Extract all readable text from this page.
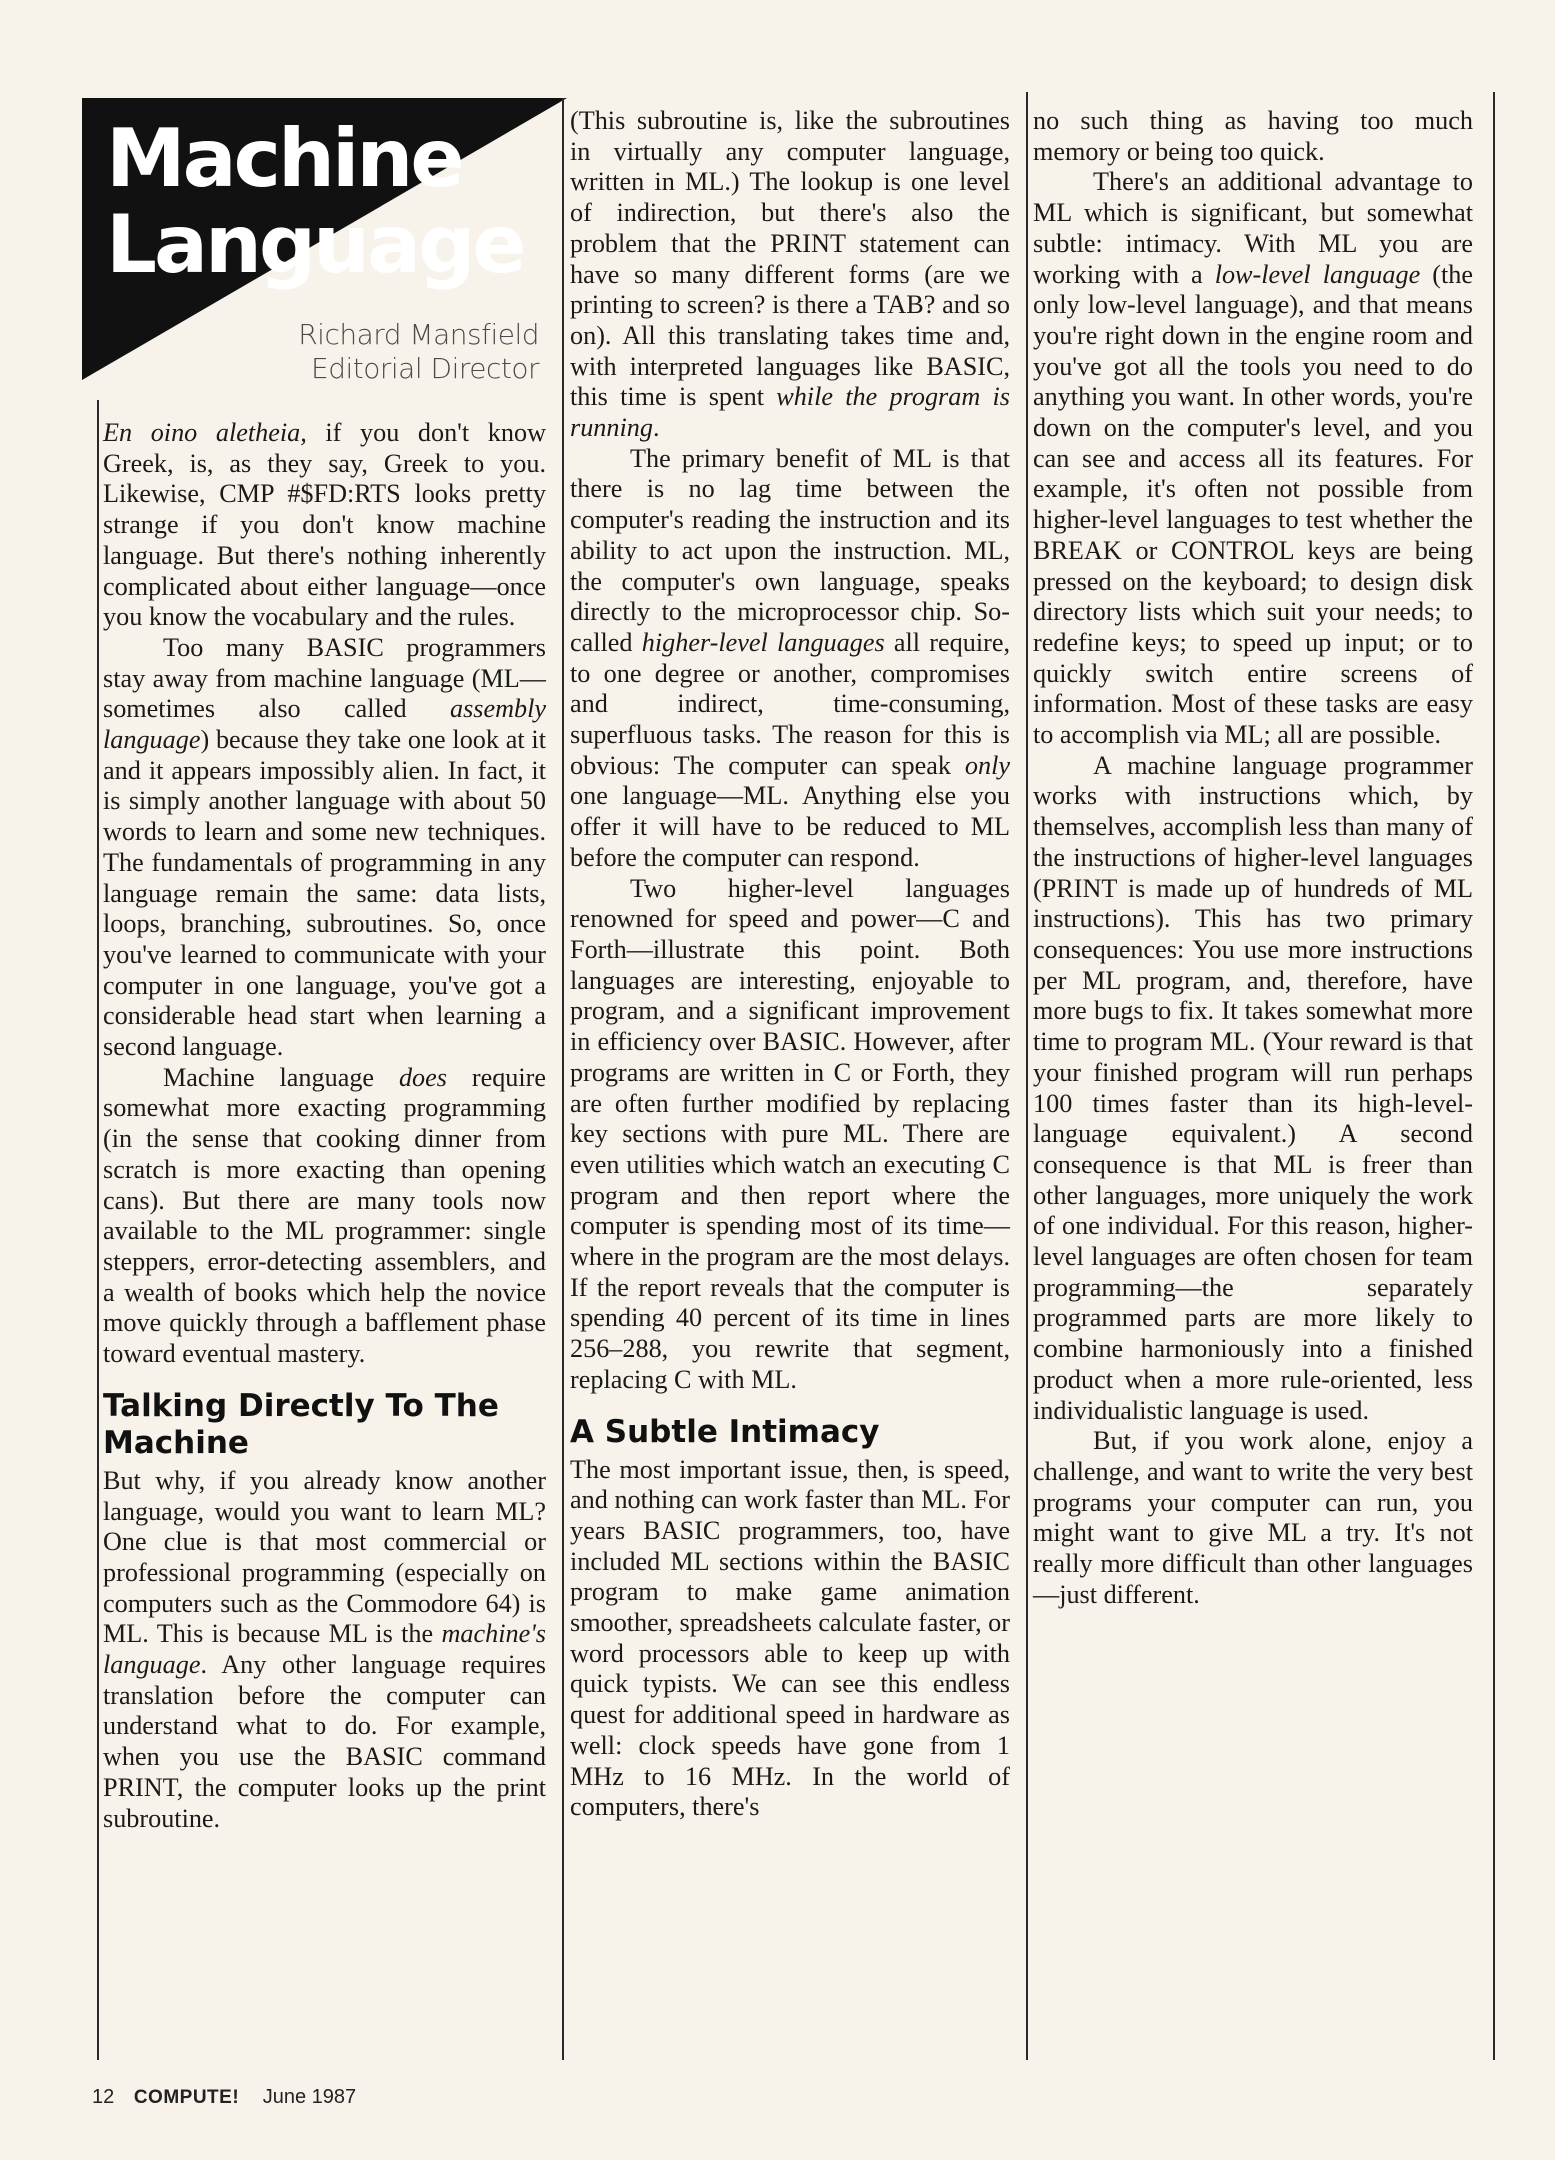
Machine
Language
Richard Mansfield
Editorial Director

En oino aletheia, if you don't know Greek, is, as they say, Greek to you. Likewise, CMP #$FD:RTS looks pretty strange if you don't know machine language. But there's nothing inherently complicated about either language—once you know the vocabulary and the rules.

Too many BASIC programmers stay away from machine language (ML—sometimes also called assembly language) because they take one look at it and it appears impossibly alien. In fact, it is simply another language with about 50 words to learn and some new techniques. The fundamentals of programming in any language remain the same: data lists, loops, branching, subroutines. So, once you've learned to communicate with your computer in one language, you've got a considerable head start when learning a second language.

Machine language does require somewhat more exacting programming (in the sense that cooking dinner from scratch is more exacting than opening cans). But there are many tools now available to the ML programmer: single steppers, error-detecting assemblers, and a wealth of books which help the novice move quickly through a bafflement phase toward eventual mastery.

Talking Directly To The Machine

But why, if you already know another language, would you want to learn ML? One clue is that most commercial or professional programming (especially on computers such as the Commodore 64) is ML. This is because ML is the machine's language. Any other language requires translation before the computer can understand what to do. For example, when you use the BASIC command PRINT, the computer looks up the print subroutine.

(This subroutine is, like the subroutines in virtually any computer language, written in ML.) The lookup is one level of indirection, but there's also the problem that the PRINT statement can have so many different forms (are we printing to screen? is there a TAB? and so on). All this translating takes time and, with interpreted languages like BASIC, this time is spent while the program is running.

The primary benefit of ML is that there is no lag time between the computer's reading the instruction and its ability to act upon the instruction. ML, the computer's own language, speaks directly to the microprocessor chip. So-called higher-level languages all require, to one degree or another, compromises and indirect, time-consuming, superfluous tasks. The reason for this is obvious: The computer can speak only one language—ML. Anything else you offer it will have to be reduced to ML before the computer can respond.

Two higher-level languages renowned for speed and power—C and Forth—illustrate this point. Both languages are interesting, enjoyable to program, and a significant improvement in efficiency over BASIC. However, after programs are written in C or Forth, they are often further modified by replacing key sections with pure ML. There are even utilities which watch an executing C program and then report where the computer is spending most of its time—where in the program are the most delays. If the report reveals that the computer is spending 40 percent of its time in lines 256–288, you rewrite that segment, replacing C with ML.

A Subtle Intimacy

The most important issue, then, is speed, and nothing can work faster than ML. For years BASIC programmers, too, have included ML sections within the BASIC program to make game animation smoother, spreadsheets calculate faster, or word processors able to keep up with quick typists. We can see this endless quest for additional speed in hardware as well: clock speeds have gone from 1 MHz to 16 MHz. In the world of computers, there's

no such thing as having too much memory or being too quick.

There's an additional advantage to ML which is significant, but somewhat subtle: intimacy. With ML you are working with a low-level language (the only low-level language), and that means you're right down in the engine room and you've got all the tools you need to do anything you want. In other words, you're down on the computer's level, and you can see and access all its features. For example, it's often not possible from higher-level languages to test whether the BREAK or CONTROL keys are being pressed on the keyboard; to design disk directory lists which suit your needs; to redefine keys; to speed up input; or to quickly switch entire screens of information. Most of these tasks are easy to accomplish via ML; all are possible.

A machine language programmer works with instructions which, by themselves, accomplish less than many of the instructions of higher-level languages (PRINT is made up of hundreds of ML instructions). This has two primary consequences: You use more instructions per ML program, and, therefore, have more bugs to fix. It takes somewhat more time to program ML. (Your reward is that your finished program will run perhaps 100 times faster than its high-level-language equivalent.) A second consequence is that ML is freer than other languages, more uniquely the work of one individual. For this reason, higher-level languages are often chosen for team programming—the separately programmed parts are more likely to combine harmoniously into a finished product when a more rule-oriented, less individualistic language is used.

But, if you work alone, enjoy a challenge, and want to write the very best programs your computer can run, you might want to give ML a try. It's not really more difficult than other languages—just different.

12 COMPUTE! June 1987
